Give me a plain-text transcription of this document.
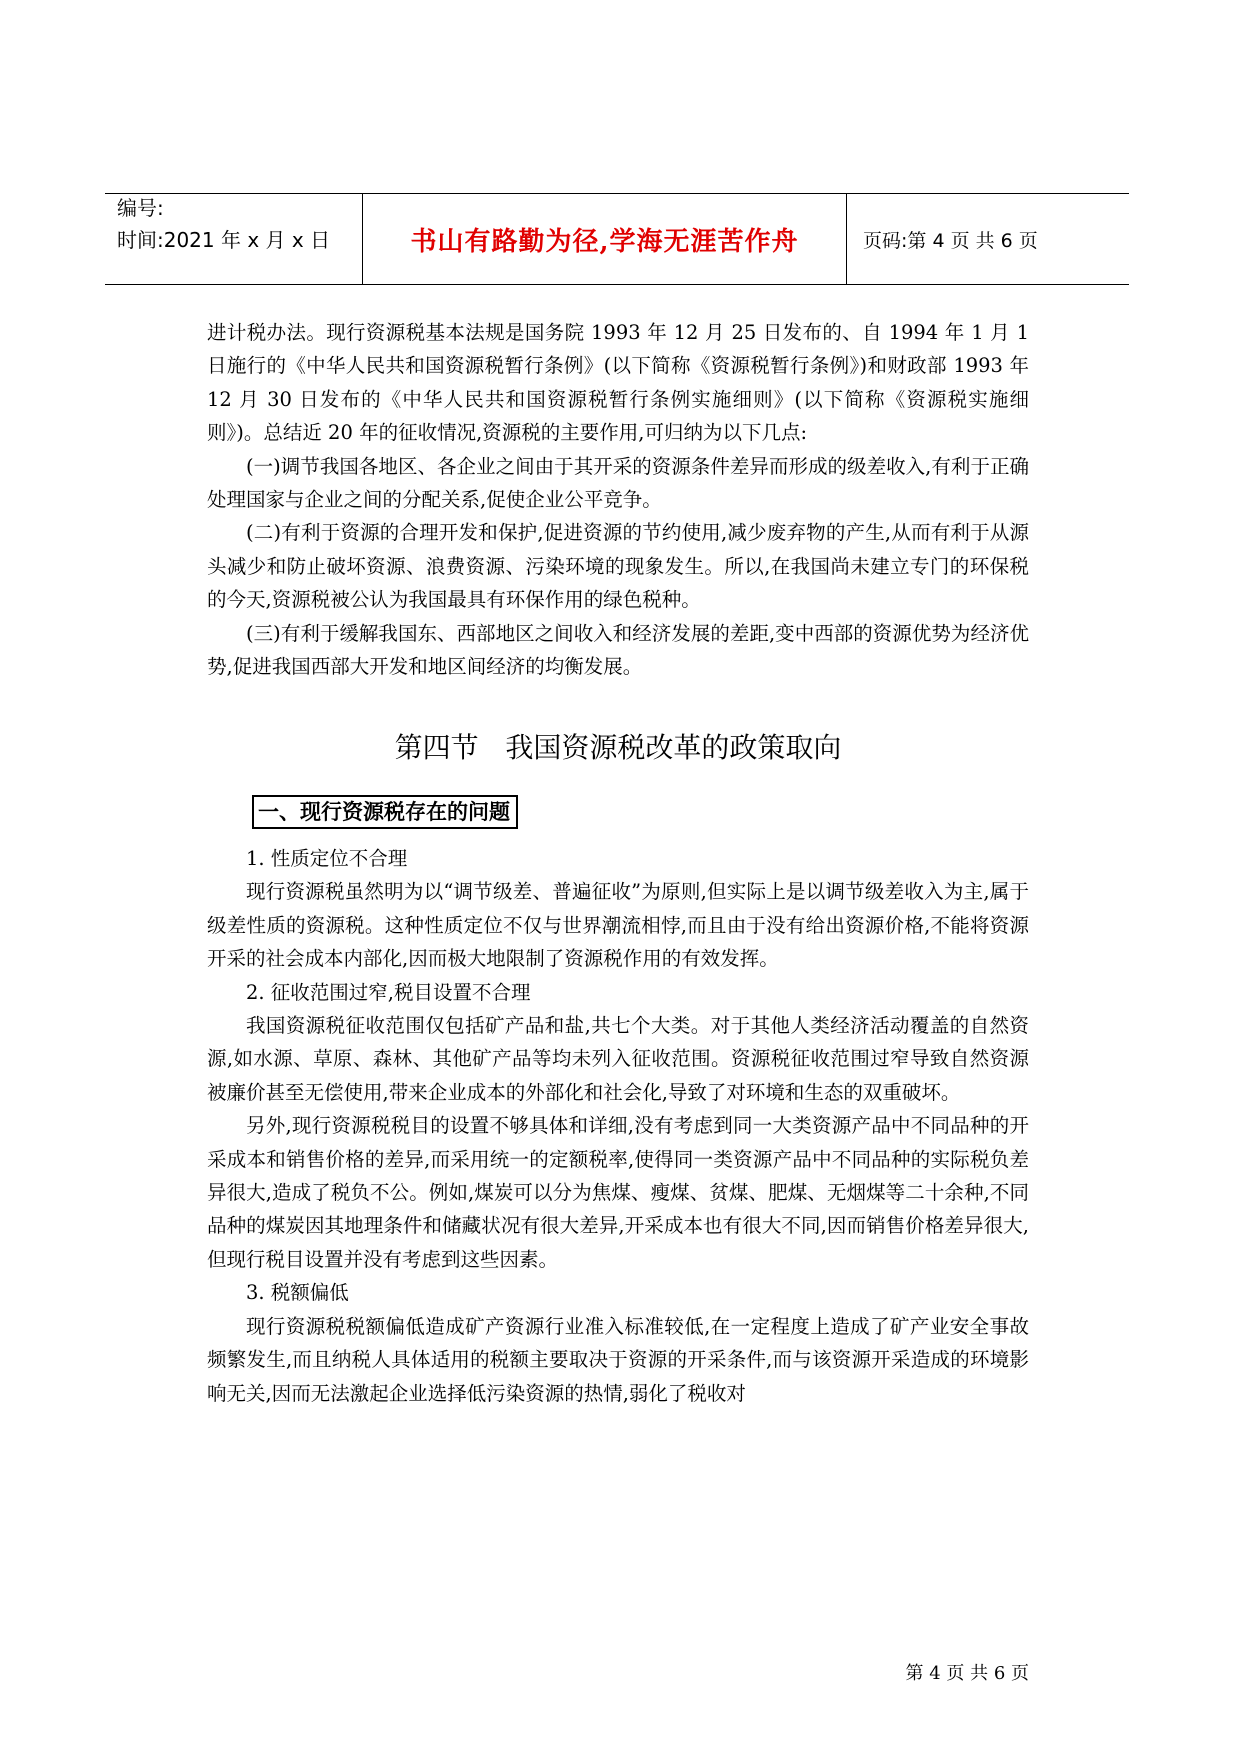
编号:
时间:2021 年 x 月 x 日	书山有路勤为径,学海无涯苦作舟	页码:第 4 页 共 6 页

进计税办法。现行资源税基本法规是国务院 1993 年 12 月 25 日发布的、自 1994 年 1 月 1 日施行的《中华人民共和国资源税暂行条例》(以下简称《资源税暂行条例》)和财政部 1993 年 12 月 30 日发布的《中华人民共和国资源税暂行条例实施细则》(以下简称《资源税实施细则》)。总结近 20 年的征收情况,资源税的主要作用,可归纳为以下几点:

(一)调节我国各地区、各企业之间由于其开采的资源条件差异而形成的级差收入,有利于正确处理国家与企业之间的分配关系,促使企业公平竞争。

(二)有利于资源的合理开发和保护,促进资源的节约使用,减少废弃物的产生,从而有利于从源头减少和防止破坏资源、浪费资源、污染环境的现象发生。所以,在我国尚未建立专门的环保税的今天,资源税被公认为我国最具有环保作用的绿色税种。

(三)有利于缓解我国东、西部地区之间收入和经济发展的差距,变中西部的资源优势为经济优势,促进我国西部大开发和地区间经济的均衡发展。

第四节   我国资源税改革的政策取向
一、现行资源税存在的问题

1. 性质定位不合理

现行资源税虽然明为以“调节级差、普遍征收”为原则,但实际上是以调节级差收入为主,属于级差性质的资源税。这种性质定位不仅与世界潮流相悖,而且由于没有给出资源价格,不能将资源开采的社会成本内部化,因而极大地限制了资源税作用的有效发挥。

2. 征收范围过窄,税目设置不合理

我国资源税征收范围仅包括矿产品和盐,共七个大类。对于其他人类经济活动覆盖的自然资源,如水源、草原、森林、其他矿产品等均未列入征收范围。资源税征收范围过窄导致自然资源被廉价甚至无偿使用,带来企业成本的外部化和社会化,导致了对环境和生态的双重破坏。

另外,现行资源税税目的设置不够具体和详细,没有考虑到同一大类资源产品中不同品种的开采成本和销售价格的差异,而采用统一的定额税率,使得同一类资源产品中不同品种的实际税负差异很大,造成了税负不公。例如,煤炭可以分为焦煤、瘦煤、贫煤、肥煤、无烟煤等二十余种,不同品种的煤炭因其地理条件和储藏状况有很大差异,开采成本也有很大不同,因而销售价格差异很大,但现行税目设置并没有考虑到这些因素。

3. 税额偏低

现行资源税税额偏低造成矿产资源行业准入标准较低,在一定程度上造成了矿产业安全事故频繁发生,而且纳税人具体适用的税额主要取决于资源的开采条件,而与该资源开采造成的环境影响无关,因而无法激起企业选择低污染资源的热情,弱化了税收对

第 4 页 共 6 页
